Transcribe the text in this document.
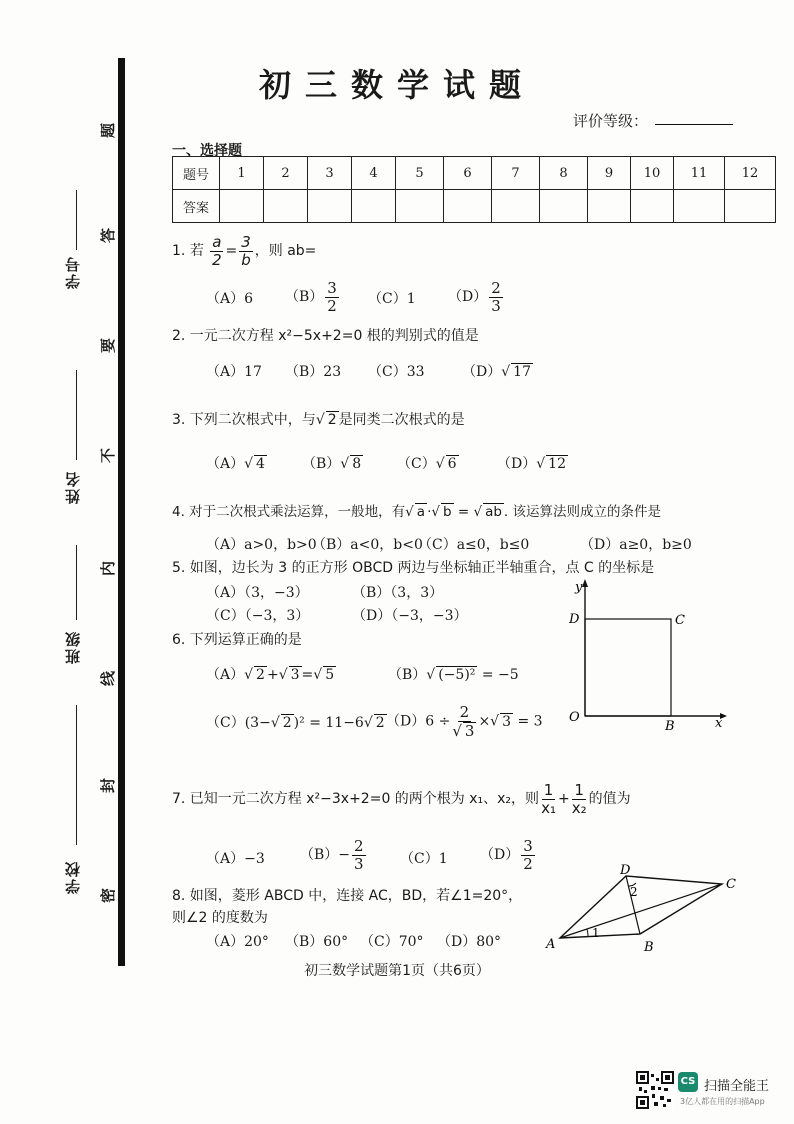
学号
姓名
班级
学校
题
答
要
不
内
线
封
密
初三数学试题
评价等级：
一、选择题
题号	1	2	3	4	5	6	7	8	9	10	11	12
答案												
1. 若 $\frac{a}{2} = \frac{3}{b}$ ，则 ab=
（A）6 $(B) \frac{3}{2} (C)1$ $(D) \frac{2}{3}$
2. 一元二次方程 x²−5x+2=0 根的判别式的值是
（A）17 （B）23 （C）33	（D）√ 17
3. 下列二次根式中，与√ 2 是同类二次根式的是
（A）√ 4	（B）√ 8	（C）√ 6	（D）√ 12
4. 对于二次根式乘法运算，一般地，有√ a ·√ b = √ ab . 该运算法则成立的条件是
（A）a>0，b>0
（B）a<0，b<0
（C）a≤0，b≤0	（D）a≥0，b≥0
5. 如图，边长为 3 的正方形 OBCD 两边与坐标轴正半轴重合，点 C 的坐标是
（A）（3，−3）	（B）（3，3）
（C）（−3，3）	（D）（−3，−3）
y
x
D	C
O
B
6. 下列运算正确的是
（A）√ 2 +√ 3 =√ 5	（B）√ (−5)² = −5
（C）(3−√ 2 )² = 11−6√ 2 $(D)6 \div \frac{2}{√ 3}$ ×√ 3 = 3
7. 已知一元二次方程 x²−3x+2=0 的两个根为 x₁、x₂，则 $\frac{1}{\text{x₁}} + \frac{1}{\text{x₂}}$ 的值为
（A）−3	$(B)- \frac{2}{3} (C)1$ $(D) \frac{3}{2}$
8. 如图，菱形 ABCD 中，连接 AC，BD，若∠1=20°，
则∠2 的度数为
（A）20° （B）60° （C）70° （D）80°	A	B
C
D
1
2
初三数学试题第1页（共6页）
CS 扫描全能王
3亿人都在用的扫描App
